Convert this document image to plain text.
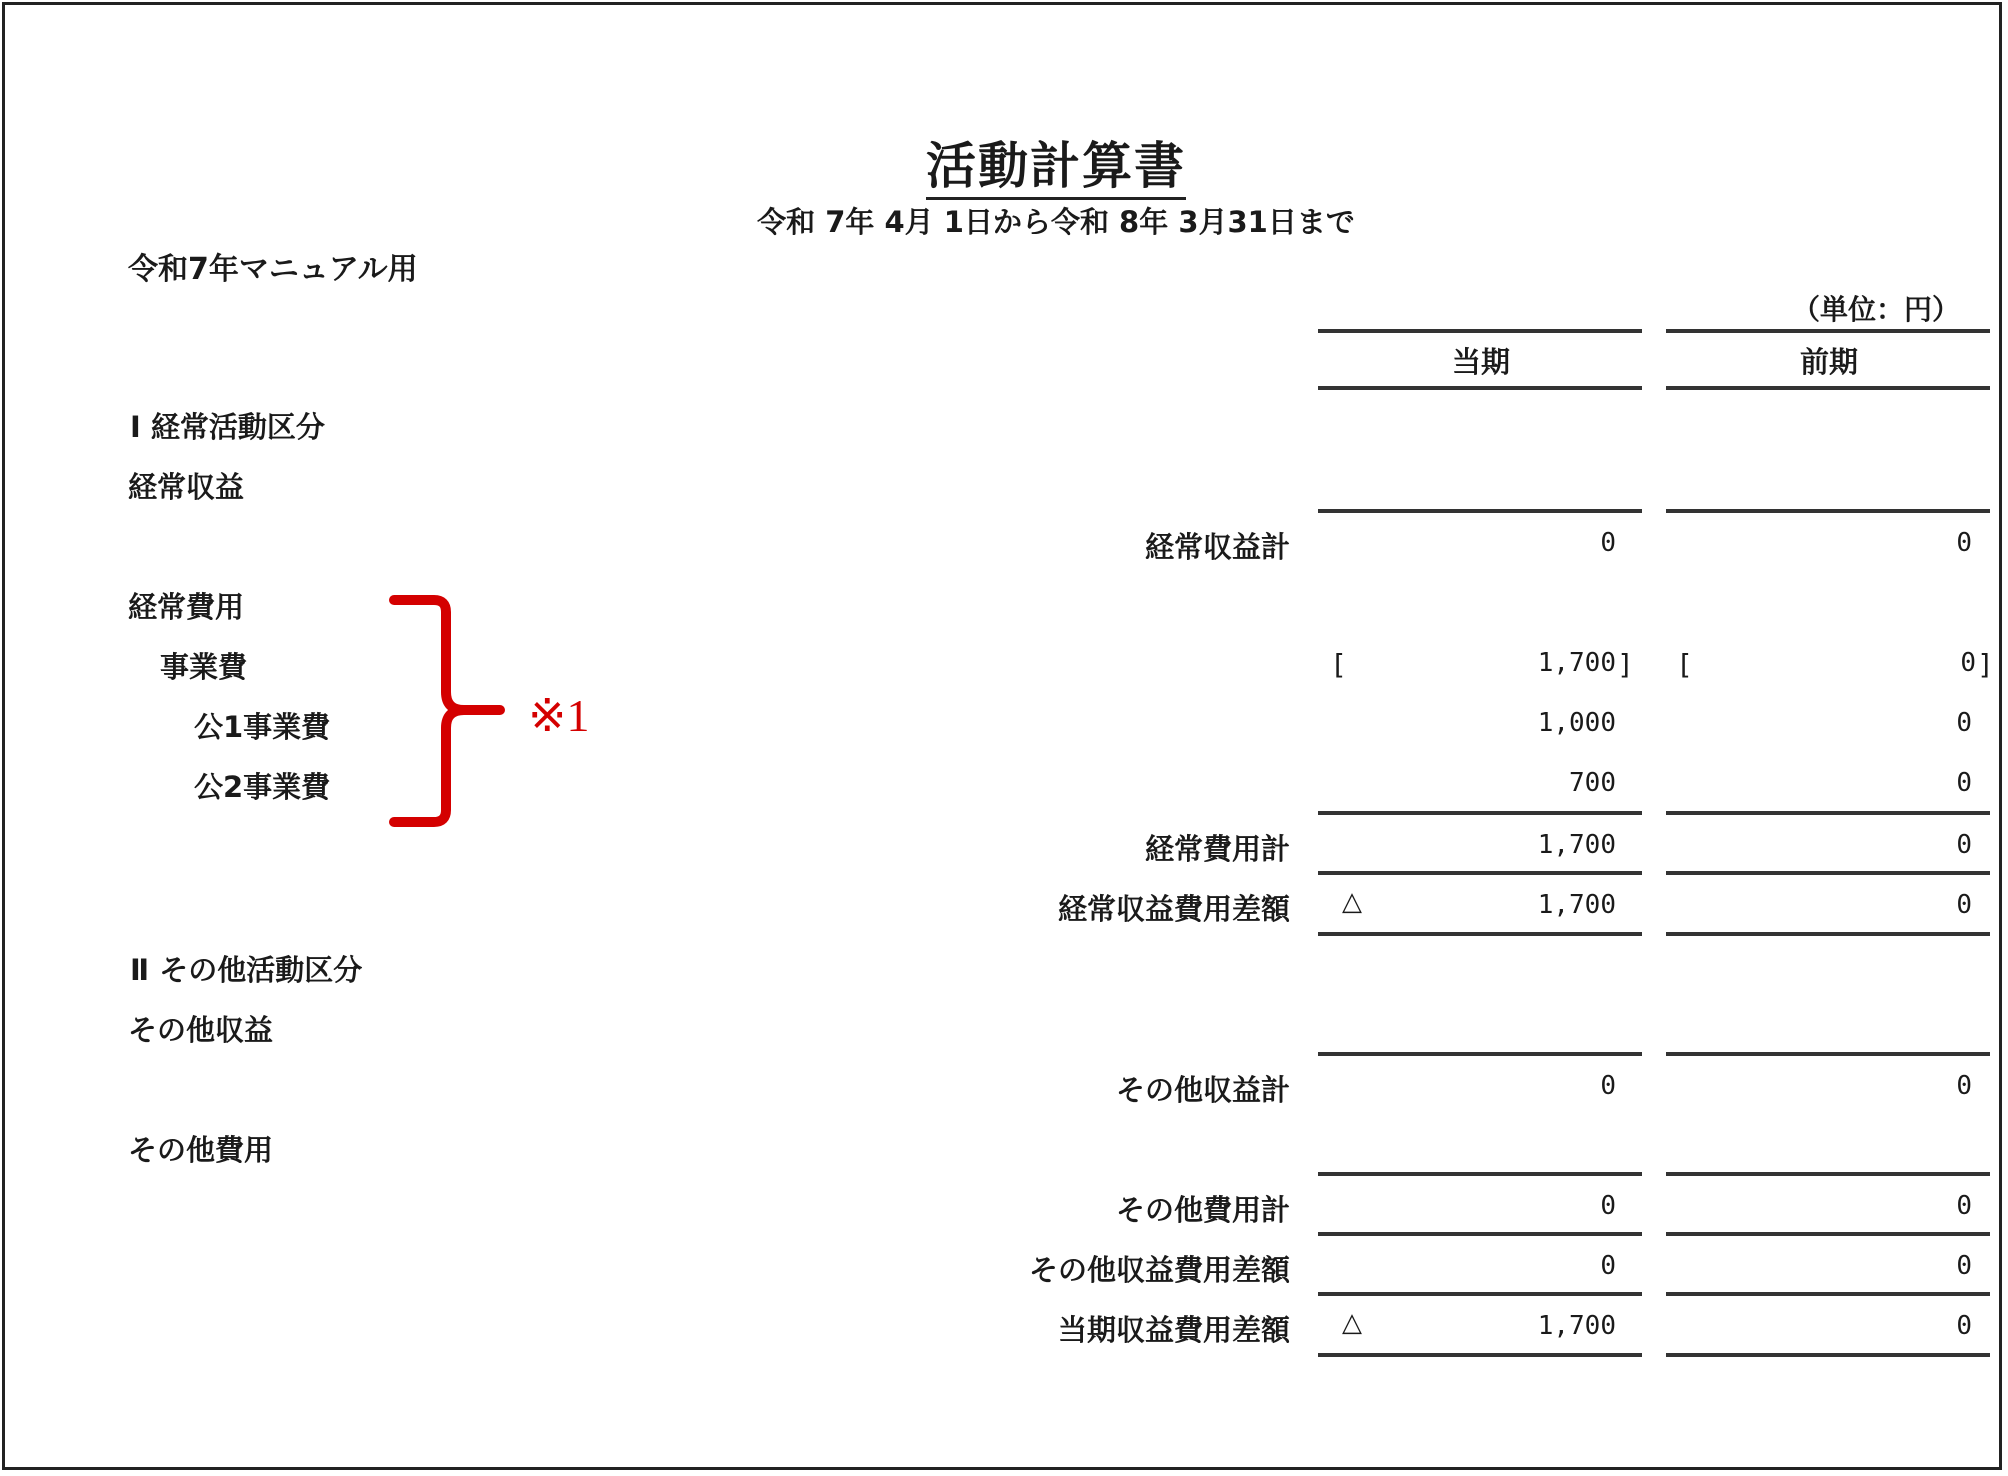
活動計算書
令和 7年 4月 1日から令和 8年 3月31日まで
令和7年マニュアル用
（単位：円）
当期	前期
Ⅰ 経常活動区分
経常収益
経常収益計	0	0
経常費用
事業費	[	1,700 ] [	0 ]
公1事業費	1,000	0
公2事業費	700	0
経常費用計	1,700	0
経常収益費用差額 △	1,700	0
Ⅱ その他活動区分
その他収益
その他収益計	0	0
その他費用
その他費用計	0	0
その他収益費用差額	0	0
当期収益費用差額 △	1,700	0
※1
